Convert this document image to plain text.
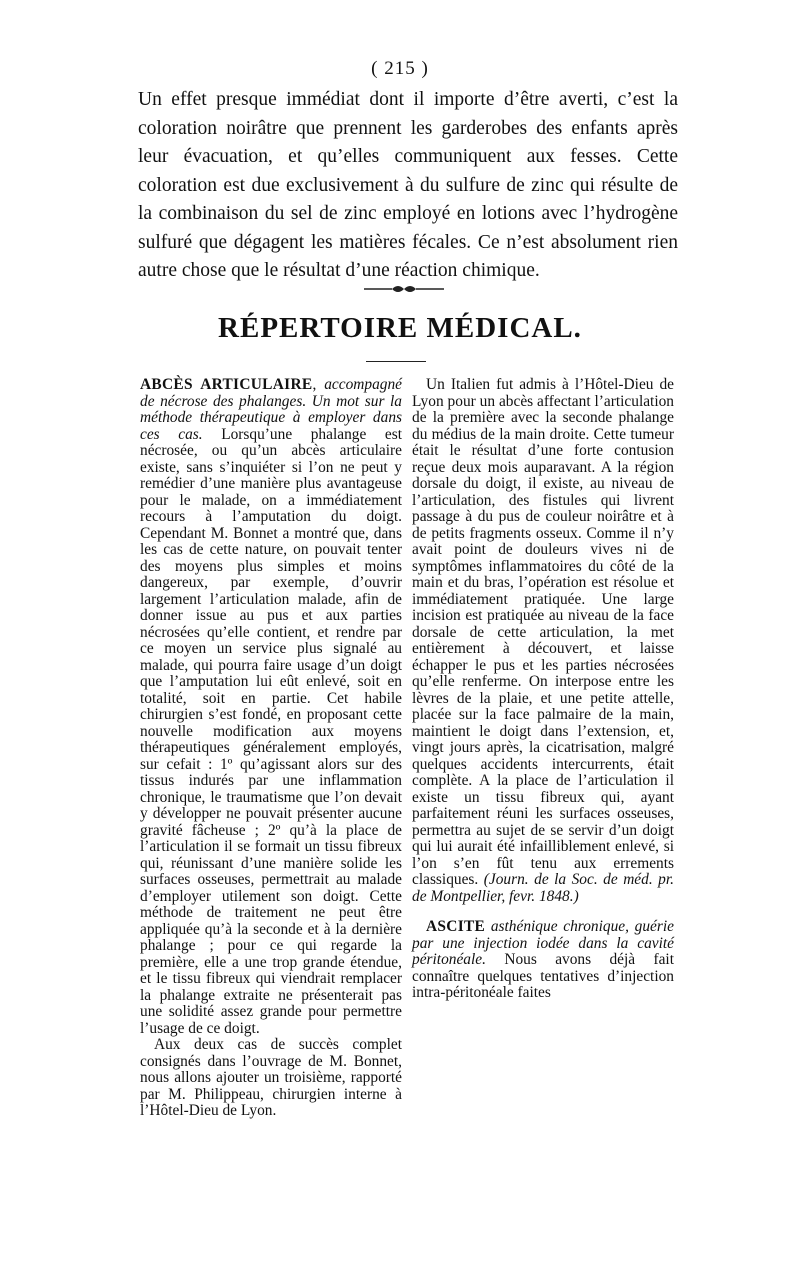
( 215 )

Un effet presque immédiat dont il importe d’être averti, c’est la coloration noirâtre que prennent les garderobes des enfants après leur évacuation, et qu’elles communiquent aux fesses. Cette coloration est due exclusivement à du sulfure de zinc qui résulte de la combinaison du sel de zinc employé en lotions avec l’hydrogène sulfuré que dégagent les matières fécales. Ce n’est absolument rien autre chose que le résultat d’une réaction chimique.

RÉPERTOIRE MÉDICAL.

ABCÈS ARTICULAIRE, accompagné de nécrose des phalanges. Un mot sur la méthode thérapeutique à employer dans ces cas. Lorsqu’une phalange est nécrosée, ou qu’un abcès articulaire existe, sans s’inquiéter si l’on ne peut y remédier d’une manière plus avantageuse pour le malade, on a immédiatement recours à l’amputation du doigt. Cependant M. Bonnet a montré que, dans les cas de cette nature, on pouvait tenter des moyens plus simples et moins dangereux, par exemple, d’ouvrir largement l’articulation malade, afin de donner issue au pus et aux parties nécrosées qu’elle contient, et rendre par ce moyen un service plus signalé au malade, qui pourra faire usage d’un doigt que l’amputation lui eût enlevé, soit en totalité, soit en partie. Cet habile chirurgien s’est fondé, en proposant cette nouvelle modification aux moyens thérapeutiques généralement employés, sur cefait : 1º qu’agissant alors sur des tissus indurés par une inflammation chronique, le traumatisme que l’on devait y développer ne pouvait présenter aucune gravité fâcheuse ; 2º qu’à la place de l’articulation il se formait un tissu fibreux qui, réunissant d’une manière solide les surfaces osseuses, permettrait au malade d’employer utilement son doigt. Cette méthode de traitement ne peut être appliquée qu’à la seconde et à la dernière phalange ; pour ce qui regarde la première, elle a une trop grande étendue, et le tissu fibreux qui viendrait remplacer la phalange extraite ne présenterait pas une solidité assez grande pour permettre l’usage de ce doigt.

Aux deux cas de succès complet consignés dans l’ouvrage de M. Bonnet, nous allons ajouter un troisième, rapporté par M. Philippeau, chirurgien interne à l’Hôtel-Dieu de Lyon.

Un Italien fut admis à l’Hôtel-Dieu de Lyon pour un abcès affectant l’articulation de la première avec la seconde phalange du médius de la main droite. Cette tumeur était le résultat d’une forte contusion reçue deux mois auparavant. A la région dorsale du doigt, il existe, au niveau de l’articulation, des fistules qui livrent passage à du pus de couleur noirâtre et à de petits fragments osseux. Comme il n’y avait point de douleurs vives ni de symptômes inflammatoires du côté de la main et du bras, l’opération est résolue et immédiatement pratiquée. Une large incision est pratiquée au niveau de la face dorsale de cette articulation, la met entièrement à découvert, et laisse échapper le pus et les parties nécrosées qu’elle renferme. On interpose entre les lèvres de la plaie, et une petite attelle, placée sur la face palmaire de la main, maintient le doigt dans l’extension, et, vingt jours après, la cicatrisation, malgré quelques accidents intercurrents, était complète. A la place de l’articulation il existe un tissu fibreux qui, ayant parfaitement réuni les surfaces osseuses, permettra au sujet de se servir d’un doigt qui lui aurait été infailliblement enlevé, si l’on s’en fût tenu aux errements classiques. (Journ. de la Soc. de méd. pr. de Montpellier, fevr. 1848.)

ASCITE asthénique chronique, guérie par une injection iodée dans la cavité péritonéale. Nous avons déjà fait connaître quelques tentatives d’injection intra-péritonéale faites
